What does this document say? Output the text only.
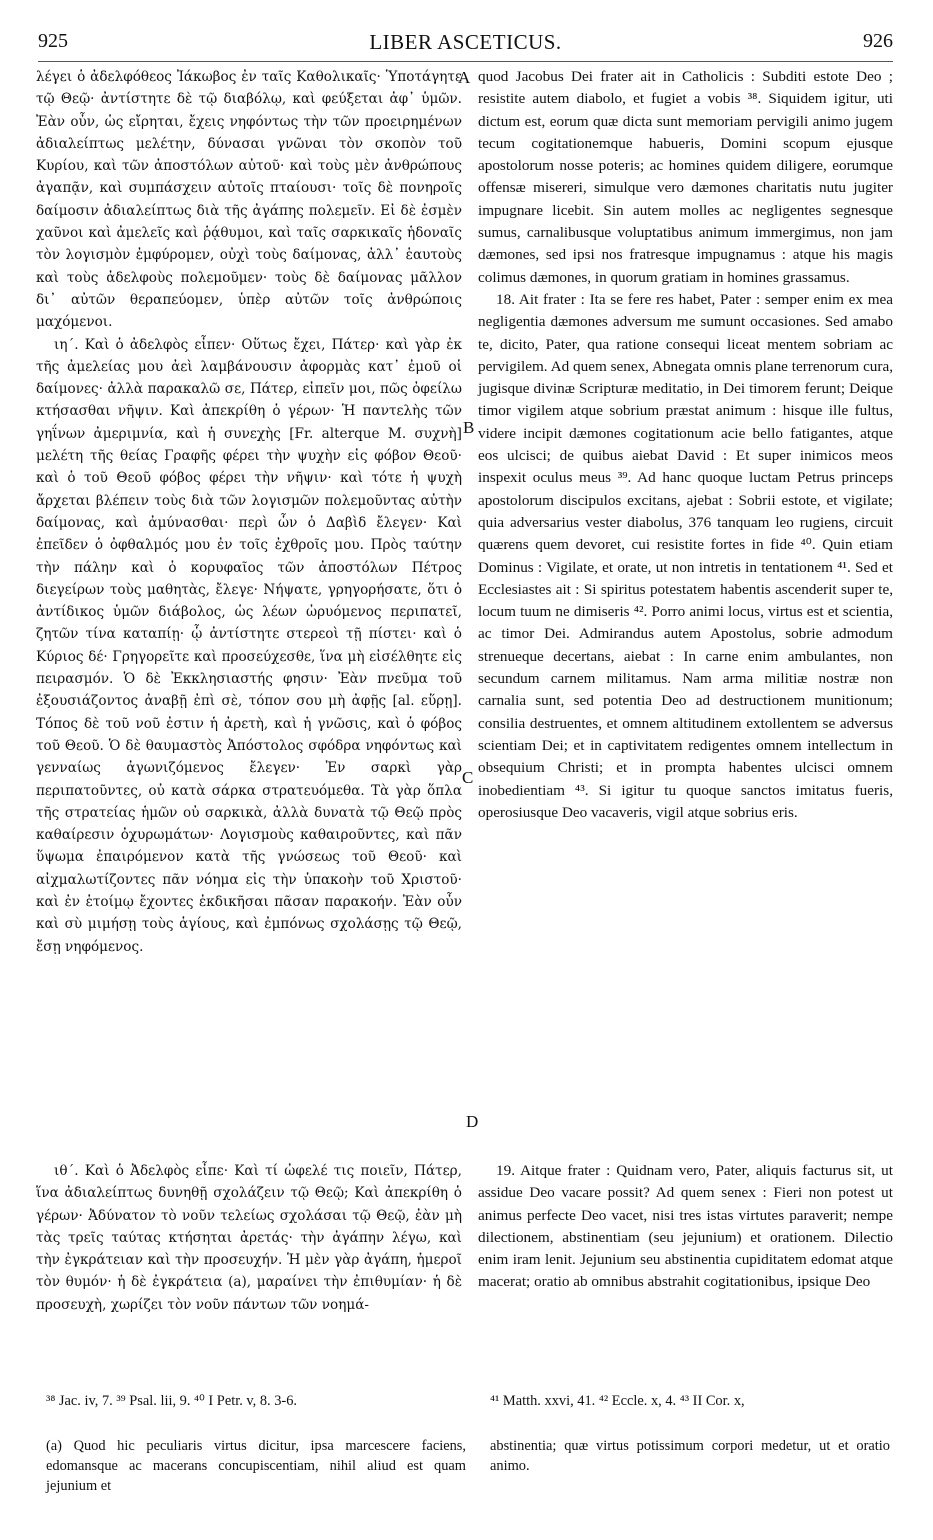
925	LIBER ASCETICUS.	926
A
B
C
D

λέγει ὁ ἀδελφόθεος Ἰάκωβος ἐν ταῖς Καθολικαῖς· Ὑποτάγητε τῷ Θεῷ· ἀντίστητε δὲ τῷ διαβόλῳ, καὶ φεύξεται ἀφ᾽ ὑμῶν. Ἐὰν οὖν, ὡς εἴρηται, ἔχεις νηφόντως τὴν τῶν προειρημένων ἀδιαλείπτως μελέτην, δύνασαι γνῶναι τὸν σκοπὸν τοῦ Κυρίου, καὶ τῶν ἀποστόλων αὐτοῦ· καὶ τοὺς μὲν ἀνθρώπους ἀγαπᾷν, καὶ συμπάσχειν αὐτοῖς πταίουσι· τοῖς δὲ πονηροῖς δαίμοσιν ἀδιαλείπτως διὰ τῆς ἀγάπης πολεμεῖν. Εἰ δὲ ἐσμὲν χαῦνοι καὶ ἀμελεῖς καὶ ῥᾴθυμοι, καὶ ταῖς σαρκικαῖς ἡδοναῖς τὸν λογισμὸν ἐμφύρομεν, οὐχὶ τοὺς δαίμονας, ἀλλ᾽ ἑαυτοὺς καὶ τοὺς ἀδελφοὺς πολεμοῦμεν· τοὺς δὲ δαίμονας μᾶλλον δι᾽ αὐτῶν θεραπεύομεν, ὑπὲρ αὐτῶν τοῖς ἀνθρώποις μαχόμενοι.

ιη΄. Καὶ ὁ ἀδελφὸς εἶπεν· Οὕτως ἔχει, Πάτερ· καὶ γὰρ ἐκ τῆς ἀμελείας μου ἀεὶ λαμβάνουσιν ἀφορμὰς κατ᾽ ἐμοῦ οἱ δαίμονες· ἀλλὰ παρακαλῶ σε, Πάτερ, εἰπεῖν μοι, πῶς ὀφείλω κτήσασθαι νῆψιν. Καὶ ἀπεκρίθη ὁ γέρων· Ἡ παντελὴς τῶν γηΐνων ἀμεριμνία, καὶ ἡ συνεχὴς [Fr. alterque M. συχνὴ] μελέτη τῆς θείας Γραφῆς φέρει τὴν ψυχὴν εἰς φόβον Θεοῦ· καὶ ὁ τοῦ Θεοῦ φόβος φέρει τὴν νῆψιν· καὶ τότε ἡ ψυχὴ ἄρχεται βλέπειν τοὺς διὰ τῶν λογισμῶν πολεμοῦντας αὐτὴν δαίμονας, καὶ ἀμύνασθαι· περὶ ὧν ὁ Δαβὶδ ἔλεγεν· Καὶ ἐπεῖδεν ὁ ὀφθαλμός μου ἐν τοῖς ἐχθροῖς μου. Πρὸς ταύτην τὴν πάλην καὶ ὁ κορυφαῖος τῶν ἀποστόλων Πέτρος διεγείρων τοὺς μαθητὰς, ἔλεγε· Νήψατε, γρηγορήσατε, ὅτι ὁ ἀντίδικος ὑμῶν διάβολος, ὡς λέων ὠρυόμενος περιπατεῖ, ζητῶν τίνα καταπίῃ· ᾧ ἀντίστητε στερεοὶ τῇ πίστει· καὶ ὁ Κύριος δέ· Γρηγορεῖτε καὶ προσεύχεσθε, ἵνα μὴ εἰσέλθητε εἰς πειρασμόν. Ὁ δὲ Ἐκκλησιαστής φησιν· Ἐὰν πνεῦμα τοῦ ἐξουσιάζοντος ἀναβῇ ἐπὶ σὲ, τόπον σου μὴ ἀφῇς [al. εὕρῃ]. Τόπος δὲ τοῦ νοῦ ἐστιν ἡ ἀρετὴ, καὶ ἡ γνῶσις, καὶ ὁ φόβος τοῦ Θεοῦ. Ὁ δὲ θαυμαστὸς Ἀπόστολος σφόδρα νηφόντως καὶ γενναίως ἀγωνιζόμενος ἔλεγεν· Ἐν σαρκὶ γὰρ περιπατοῦντες, οὐ κατὰ σάρκα στρατευόμεθα. Τὰ γὰρ ὅπλα τῆς στρατείας ἡμῶν οὐ σαρκικὰ, ἀλλὰ δυνατὰ τῷ Θεῷ πρὸς καθαίρεσιν ὀχυρωμάτων· Λογισμοὺς καθαιροῦντες, καὶ πᾶν ὕψωμα ἐπαιρόμενον κατὰ τῆς γνώσεως τοῦ Θεοῦ· καὶ αἰχμαλωτίζοντες πᾶν νόημα εἰς τὴν ὑπακοὴν τοῦ Χριστοῦ· καὶ ἐν ἑτοίμῳ ἔχοντες ἐκδικῆσαι πᾶσαν παρακοήν. Ἐὰν οὖν καὶ σὺ μιμήσῃ τοὺς ἁγίους, καὶ ἐμπόνως σχολάσῃς τῷ Θεῷ, ἔσῃ νηφόμενος.

ιθ΄. Καὶ ὁ Ἀδελφὸς εἶπε· Καὶ τί ὠφελέ τις ποιεῖν, Πάτερ, ἵνα ἀδιαλείπτως δυνηθῇ σχολάζειν τῷ Θεῷ; Καὶ ἀπεκρίθη ὁ γέρων· Ἀδύνατον τὸ νοῦν τελείως σχολάσαι τῷ Θεῷ, ἐὰν μὴ τὰς τρεῖς ταύτας κτήσηται ἀρετάς· τὴν ἀγάπην λέγω, καὶ τὴν ἐγκράτειαν καὶ τὴν προσευχήν. Ἡ μὲν γὰρ ἀγάπη, ἡμεροῖ τὸν θυμόν· ἡ δὲ ἐγκράτεια (a), μαραίνει τὴν ἐπιθυμίαν· ἡ δὲ προσευχὴ, χωρίζει τὸν νοῦν πάντων τῶν νοημά-

quod Jacobus Dei frater ait in Catholicis : Subditi estote Deo ; resistite autem diabolo, et fugiet a vobis ³⁸. Siquidem igitur, uti dictum est, eorum quæ dicta sunt memoriam pervigili animo jugem tecum cogitationemque habueris, Domini scopum ejusque apostolorum nosse poteris; ac homines quidem diligere, eorumque offensæ misereri, simulque vero dæmones charitatis nutu jugiter impugnare licebit. Sin autem molles ac negligentes segnesque sumus, carnalibusque voluptatibus animum immergimus, non jam dæmones, sed ipsi nos fratresque impugnamus : atque his magis colimus dæmones, in quorum gratiam in homines grassamus.

18. Ait frater : Ita se fere res habet, Pater : semper enim ex mea negligentia dæmones adversum me sumunt occasiones. Sed amabo te, dicito, Pater, qua ratione consequi liceat mentem sobriam ac pervigilem. Ad quem senex, Abnegata omnis plane terrenorum cura, jugisque divinæ Scripturæ meditatio, in Dei timorem ferunt; Deique timor vigilem atque sobrium præstat animum : hisque ille fultus, videre incipit dæmones cogitationum acie bello fatigantes, atque eos ulcisci; de quibus aiebat David : Et super inimicos meos inspexit oculus meus ³⁹. Ad hanc quoque luctam Petrus princeps apostolorum discipulos excitans, ajebat : Sobrii estote, et vigilate; quia adversarius vester diabolus, 376 tanquam leo rugiens, circuit quærens quem devoret, cui resistite fortes in fide ⁴⁰. Quin etiam Dominus : Vigilate, et orate, ut non intretis in tentationem ⁴¹. Sed et Ecclesiastes ait : Si spiritus potestatem habentis ascenderit super te, locum tuum ne dimiseris ⁴². Porro animi locus, virtus est et scientia, ac timor Dei. Admirandus autem Apostolus, sobrie admodum strenueque decertans, aiebat : In carne enim ambulantes, non secundum carnem militamus. Nam arma militiæ nostræ non carnalia sunt, sed potentia Deo ad destructionem munitionum; consilia destruentes, et omnem altitudinem extollentem se adversus scientiam Dei; et in captivitatem redigentes omnem intellectum in obsequium Christi; et in prompta habentes ulcisci omnem inobedientiam ⁴³. Si igitur tu quoque sanctos imitatus fueris, operosiusque Deo vacaveris, vigil atque sobrius eris.

19. Aitque frater : Quidnam vero, Pater, aliquis facturus sit, ut assidue Deo vacare possit? Ad quem senex : Fieri non potest ut animus perfecte Deo vacet, nisi tres istas virtutes paraverit; nempe dilectionem, abstinentiam (seu jejunium) et orationem. Dilectio enim iram lenit. Jejunium seu abstinentia cupiditatem edomat atque macerat; oratio ab omnibus abstrahit cogitationibus, ipsique Deo

³⁸ Jac. iv, 7. ³⁹ Psal. lii, 9. ⁴⁰ I Petr. v, 8. 3-6.	⁴¹ Matth. xxvi, 41. ⁴² Eccle. x, 4. ⁴³ II Cor. x,

(a) Quod hic peculiaris virtus dicitur, ipsa marcescere faciens, edomansque ac macerans concupiscentiam, nihil aliud est quam jejunium et

abstinentia; quæ virtus potissimum corpori medetur, ut et oratio animo.
